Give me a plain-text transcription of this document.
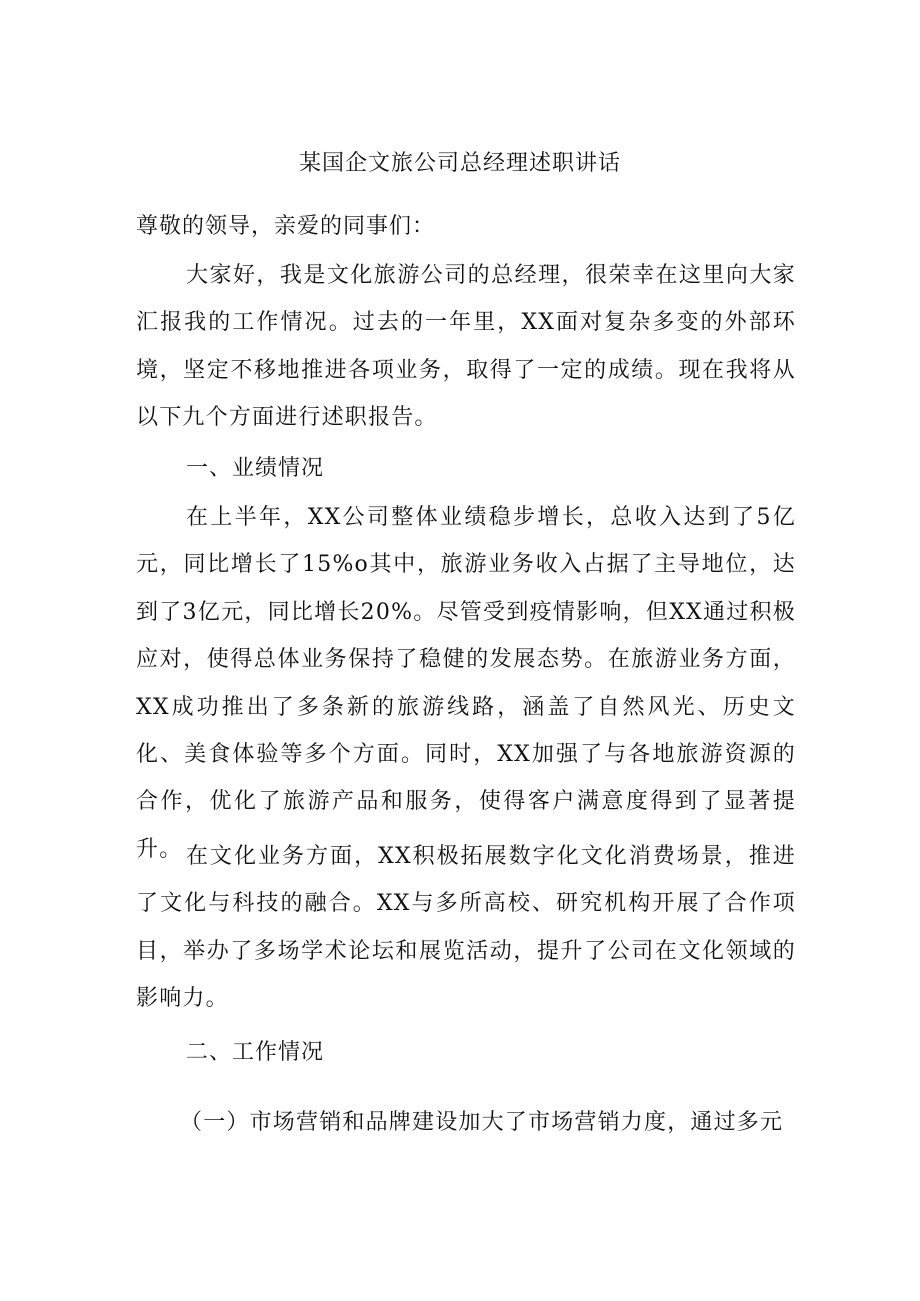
某国企文旅公司总经理述职讲话

尊敬的领导，亲爱的同事们：

大家好，我是文化旅游公司的总经理，很荣幸在这里向大家汇报我的工作情况。过去的一年里，XX面对复杂多变的外部环境，坚定不移地推进各项业务，取得了一定的成绩。现在我将从以下九个方面进行述职报告。

一、业绩情况

在上半年，XX公司整体业绩稳步增长，总收入达到了5亿元，同比增长了15%o其中，旅游业务收入占据了主导地位，达到了3亿元，同比增长20%。尽管受到疫情影响，但XX通过积极应对，使得总体业务保持了稳健的发展态势。在旅游业务方面，XX成功推出了多条新的旅游线路，涵盖了自然风光、历史文化、美食体验等多个方面。同时，XX加强了与各地旅游资源的合作，优化了旅游产品和服务，使得客户满意度得到了显著提升。 在文化业务方面，XX积极拓展数字化文化消费场景，推进了文化与科技的融合。XX与多所高校、研究机构开展了合作项目，举办了多场学术论坛和展览活动，提升了公司在文化领域的影响力。

二、工作情况

（一）市场营销和品牌建设加大了市场营销力度，通过多元
